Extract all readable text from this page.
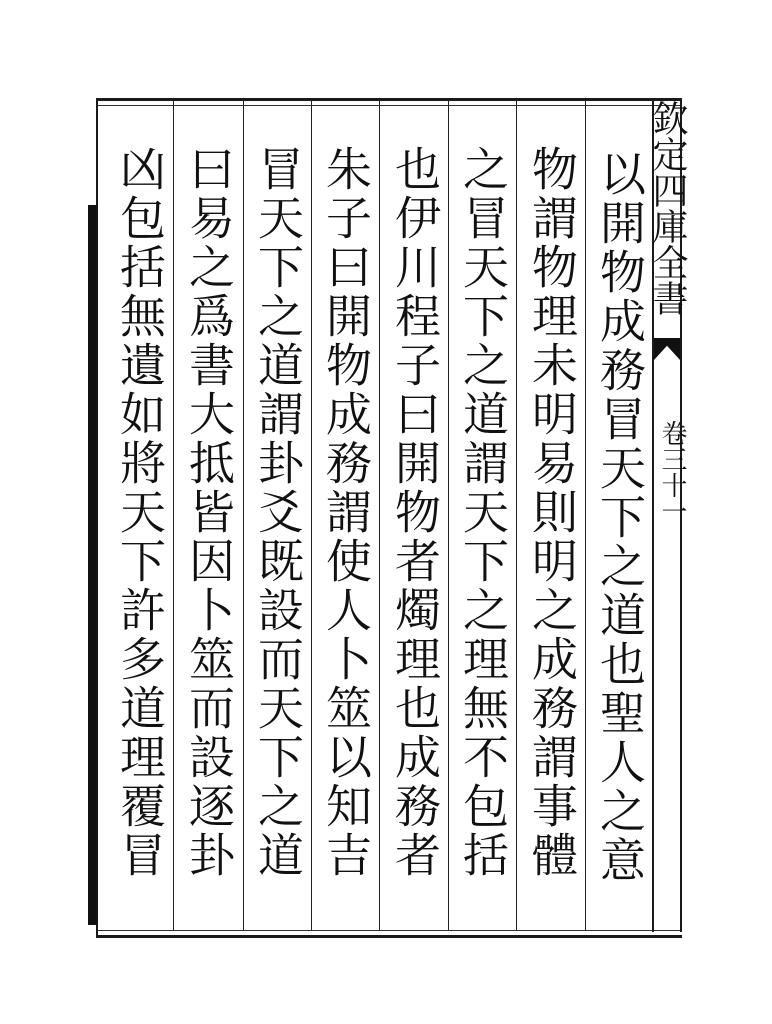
欽定四庫全書
卷三十一
以開物成務冒天下之道也聖人之意
物謂物理未明易則明之成務謂事體
之冒天下之道謂天下之理無不包括
也伊川程子曰開物者燭理也成務者
朱子曰開物成務謂使人卜筮以知吉
冒天下之道謂卦爻既設而天下之道
曰易之爲書大抵皆因卜筮而設逐卦
凶包括無遺如將天下許多道理覆冒
